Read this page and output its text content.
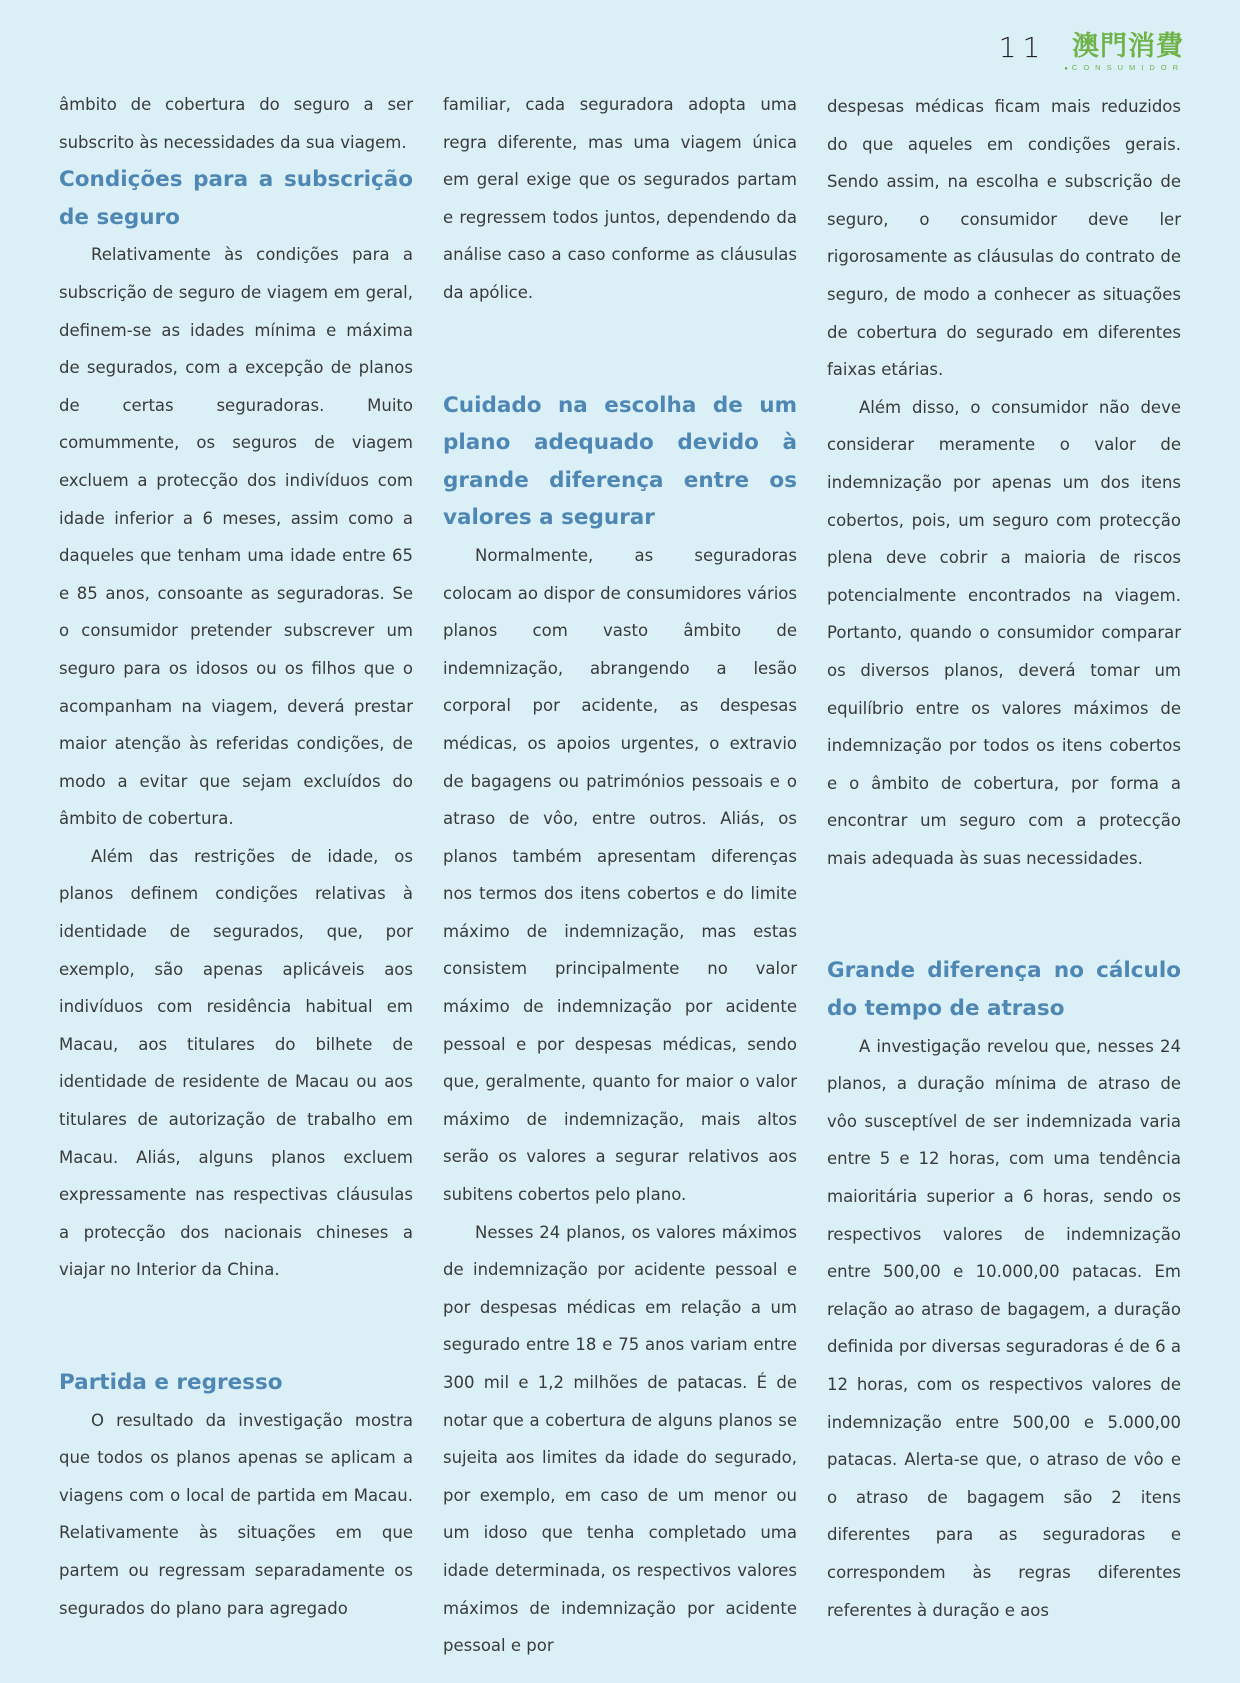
11 澳門消費
● CONSUMIDOR

âmbito de cobertura do seguro a ser subscrito às necessidades da sua viagem.

Condições para a subscrição de seguro

Relativamente às condições para a subscrição de seguro de viagem em geral, definem-se as idades mínima e máxima de segurados, com a excepção de planos de certas seguradoras. Muito comummente, os seguros de viagem excluem a protecção dos indivíduos com idade inferior a 6 meses, assim como a daqueles que tenham uma idade entre 65 e 85 anos, consoante as seguradoras. Se o consumidor pretender subscrever um seguro para os idosos ou os filhos que o acompanham na viagem, deverá prestar maior atenção às referidas condições, de modo a evitar que sejam excluídos do âmbito de cobertura.

Além das restrições de idade, os planos definem condições relativas à identidade de segurados, que, por exemplo, são apenas aplicáveis aos indivíduos com residência habitual em Macau, aos titulares do bilhete de identidade de residente de Macau ou aos titulares de autorização de trabalho em Macau. Aliás, alguns planos excluem expressamente nas respectivas cláusulas a protecção dos nacionais chineses a viajar no Interior da China.

Partida e regresso

O resultado da investigação mostra que todos os planos apenas se aplicam a viagens com o local de partida em Macau. Relativamente às situações em que partem ou regressam separadamente os segurados do plano para agregado

familiar, cada seguradora adopta uma regra diferente, mas uma viagem única em geral exige que os segurados partam e regressem todos juntos, dependendo da análise caso a caso conforme as cláusulas da apólice.

Cuidado na escolha de um plano adequado devido à grande diferença entre os valores a segurar

Normalmente, as seguradoras colocam ao dispor de consumidores vários planos com vasto âmbito de indemnização, abrangendo a lesão corporal por acidente, as despesas médicas, os apoios urgentes, o extravio de bagagens ou patrimónios pessoais e o atraso de vôo, entre outros. Aliás, os planos também apresentam diferenças nos termos dos itens cobertos e do limite máximo de indemnização, mas estas consistem principalmente no valor máximo de indemnização por acidente pessoal e por despesas médicas, sendo que, geralmente, quanto for maior o valor máximo de indemnização, mais altos serão os valores a segurar relativos aos subitens cobertos pelo plano.

Nesses 24 planos, os valores máximos de indemnização por acidente pessoal e por despesas médicas em relação a um segurado entre 18 e 75 anos variam entre 300 mil e 1,2 milhões de patacas. É de notar que a cobertura de alguns planos se sujeita aos limites da idade do segurado, por exemplo, em caso de um menor ou um idoso que tenha completado uma idade determinada, os respectivos valores máximos de indemnização por acidente pessoal e por

despesas médicas ficam mais reduzidos do que aqueles em condições gerais. Sendo assim, na escolha e subscrição de seguro, o consumidor deve ler rigorosamente as cláusulas do contrato de seguro, de modo a conhecer as situações de cobertura do segurado em diferentes faixas etárias.

Além disso, o consumidor não deve considerar meramente o valor de indemnização por apenas um dos itens cobertos, pois, um seguro com protecção plena deve cobrir a maioria de riscos potencialmente encontrados na viagem. Portanto, quando o consumidor comparar os diversos planos, deverá tomar um equilíbrio entre os valores máximos de indemnização por todos os itens cobertos e o âmbito de cobertura, por forma a encontrar um seguro com a protecção mais adequada às suas necessidades.

Grande diferença no cálculo do tempo de atraso

A investigação revelou que, nesses 24 planos, a duração mínima de atraso de vôo susceptível de ser indemnizada varia entre 5 e 12 horas, com uma tendência maioritária superior a 6 horas, sendo os respectivos valores de indemnização entre 500,00 e 10.000,00 patacas. Em relação ao atraso de bagagem, a duração definida por diversas seguradoras é de 6 a 12 horas, com os respectivos valores de indemnização entre 500,00 e 5.000,00 patacas. Alerta-se que, o atraso de vôo e o atraso de bagagem são 2 itens diferentes para as seguradoras e correspondem às regras diferentes referentes à duração e aos
